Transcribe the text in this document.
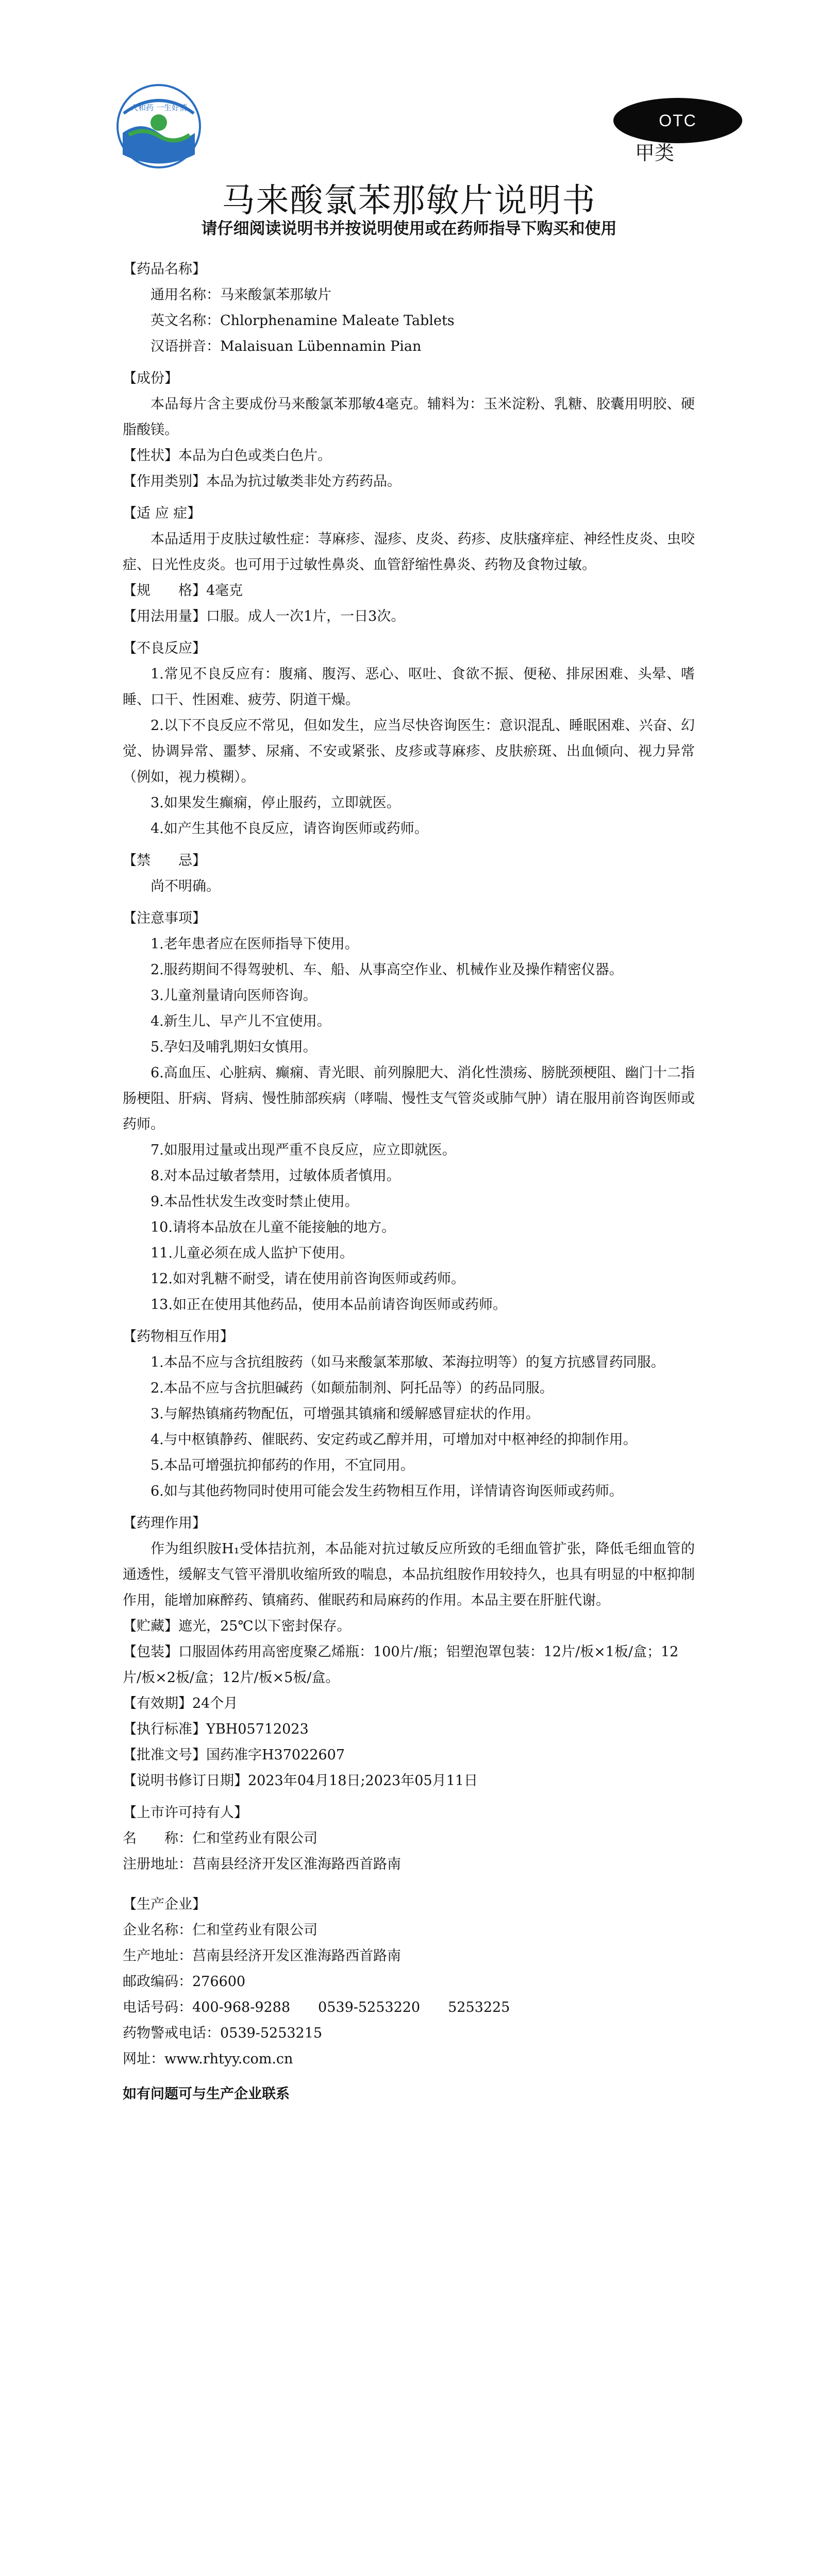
人和药 一生好情
OTC
甲类
马来酸氯苯那敏片说明书

请仔细阅读说明书并按说明使用或在药师指导下购买和使用

【药品名称】

通用名称：马来酸氯苯那敏片

英文名称：Chlorphenamine Maleate Tablets

汉语拼音：Malaisuan Lübennamin Pian

【成份】

本品每片含主要成份马来酸氯苯那敏4毫克。辅料为：玉米淀粉、乳糖、胶囊用明胶、硬脂酸镁。

【性状】本品为白色或类白色片。

【作用类别】本品为抗过敏类非处方药药品。

【适 应 症】

本品适用于皮肤过敏性症：荨麻疹、湿疹、皮炎、药疹、皮肤瘙痒症、神经性皮炎、虫咬症、日光性皮炎。也可用于过敏性鼻炎、血管舒缩性鼻炎、药物及食物过敏。

【规　　格】4毫克

【用法用量】口服。成人一次1片，一日3次。

【不良反应】

1.常见不良反应有：腹痛、腹泻、恶心、呕吐、食欲不振、便秘、排尿困难、头晕、嗜睡、口干、性困难、疲劳、阴道干燥。

2.以下不良反应不常见，但如发生，应当尽快咨询医生：意识混乱、睡眠困难、兴奋、幻觉、协调异常、噩梦、尿痛、不安或紧张、皮疹或荨麻疹、皮肤瘀斑、出血倾向、视力异常（例如，视力模糊）。

3.如果发生癫痫，停止服药，立即就医。

4.如产生其他不良反应，请咨询医师或药师。

【禁　　忌】

尚不明确。

【注意事项】

1.老年患者应在医师指导下使用。

2.服药期间不得驾驶机、车、船、从事高空作业、机械作业及操作精密仪器。

3.儿童剂量请向医师咨询。

4.新生儿、早产儿不宜使用。

5.孕妇及哺乳期妇女慎用。

6.高血压、心脏病、癫痫、青光眼、前列腺肥大、消化性溃疡、膀胱颈梗阻、幽门十二指肠梗阻、肝病、肾病、慢性肺部疾病（哮喘、慢性支气管炎或肺气肿）请在服用前咨询医师或药师。

7.如服用过量或出现严重不良反应，应立即就医。

8.对本品过敏者禁用，过敏体质者慎用。

9.本品性状发生改变时禁止使用。

10.请将本品放在儿童不能接触的地方。

11.儿童必须在成人监护下使用。

12.如对乳糖不耐受，请在使用前咨询医师或药师。

13.如正在使用其他药品，使用本品前请咨询医师或药师。

【药物相互作用】

1.本品不应与含抗组胺药（如马来酸氯苯那敏、苯海拉明等）的复方抗感冒药同服。

2.本品不应与含抗胆碱药（如颠茄制剂、阿托品等）的药品同服。

3.与解热镇痛药物配伍，可增强其镇痛和缓解感冒症状的作用。

4.与中枢镇静药、催眠药、安定药或乙醇并用，可增加对中枢神经的抑制作用。

5.本品可增强抗抑郁药的作用，不宜同用。

6.如与其他药物同时使用可能会发生药物相互作用，详情请咨询医师或药师。

【药理作用】

作为组织胺H₁受体拮抗剂，本品能对抗过敏反应所致的毛细血管扩张，降低毛细血管的通透性，缓解支气管平滑肌收缩所致的喘息，本品抗组胺作用较持久，也具有明显的中枢抑制作用，能增加麻醉药、镇痛药、催眠药和局麻药的作用。本品主要在肝脏代谢。

【贮藏】遮光，25℃以下密封保存。

【包装】口服固体药用高密度聚乙烯瓶：100片/瓶；铝塑泡罩包装：12片/板×1板/盒；12片/板×2板/盒；12片/板×5板/盒。

【有效期】24个月

【执行标准】YBH05712023

【批准文号】国药准字H37022607

【说明书修订日期】2023年04月18日;2023年05月11日

【上市许可持有人】

名　　称：仁和堂药业有限公司

注册地址：莒南县经济开发区淮海路西首路南

【生产企业】

企业名称：仁和堂药业有限公司

生产地址：莒南县经济开发区淮海路西首路南

邮政编码：276600

电话号码：400-968-9288　　0539-5253220　　5253225

药物警戒电话：0539-5253215

网址：www.rhtyy.com.cn

如有问题可与生产企业联系
